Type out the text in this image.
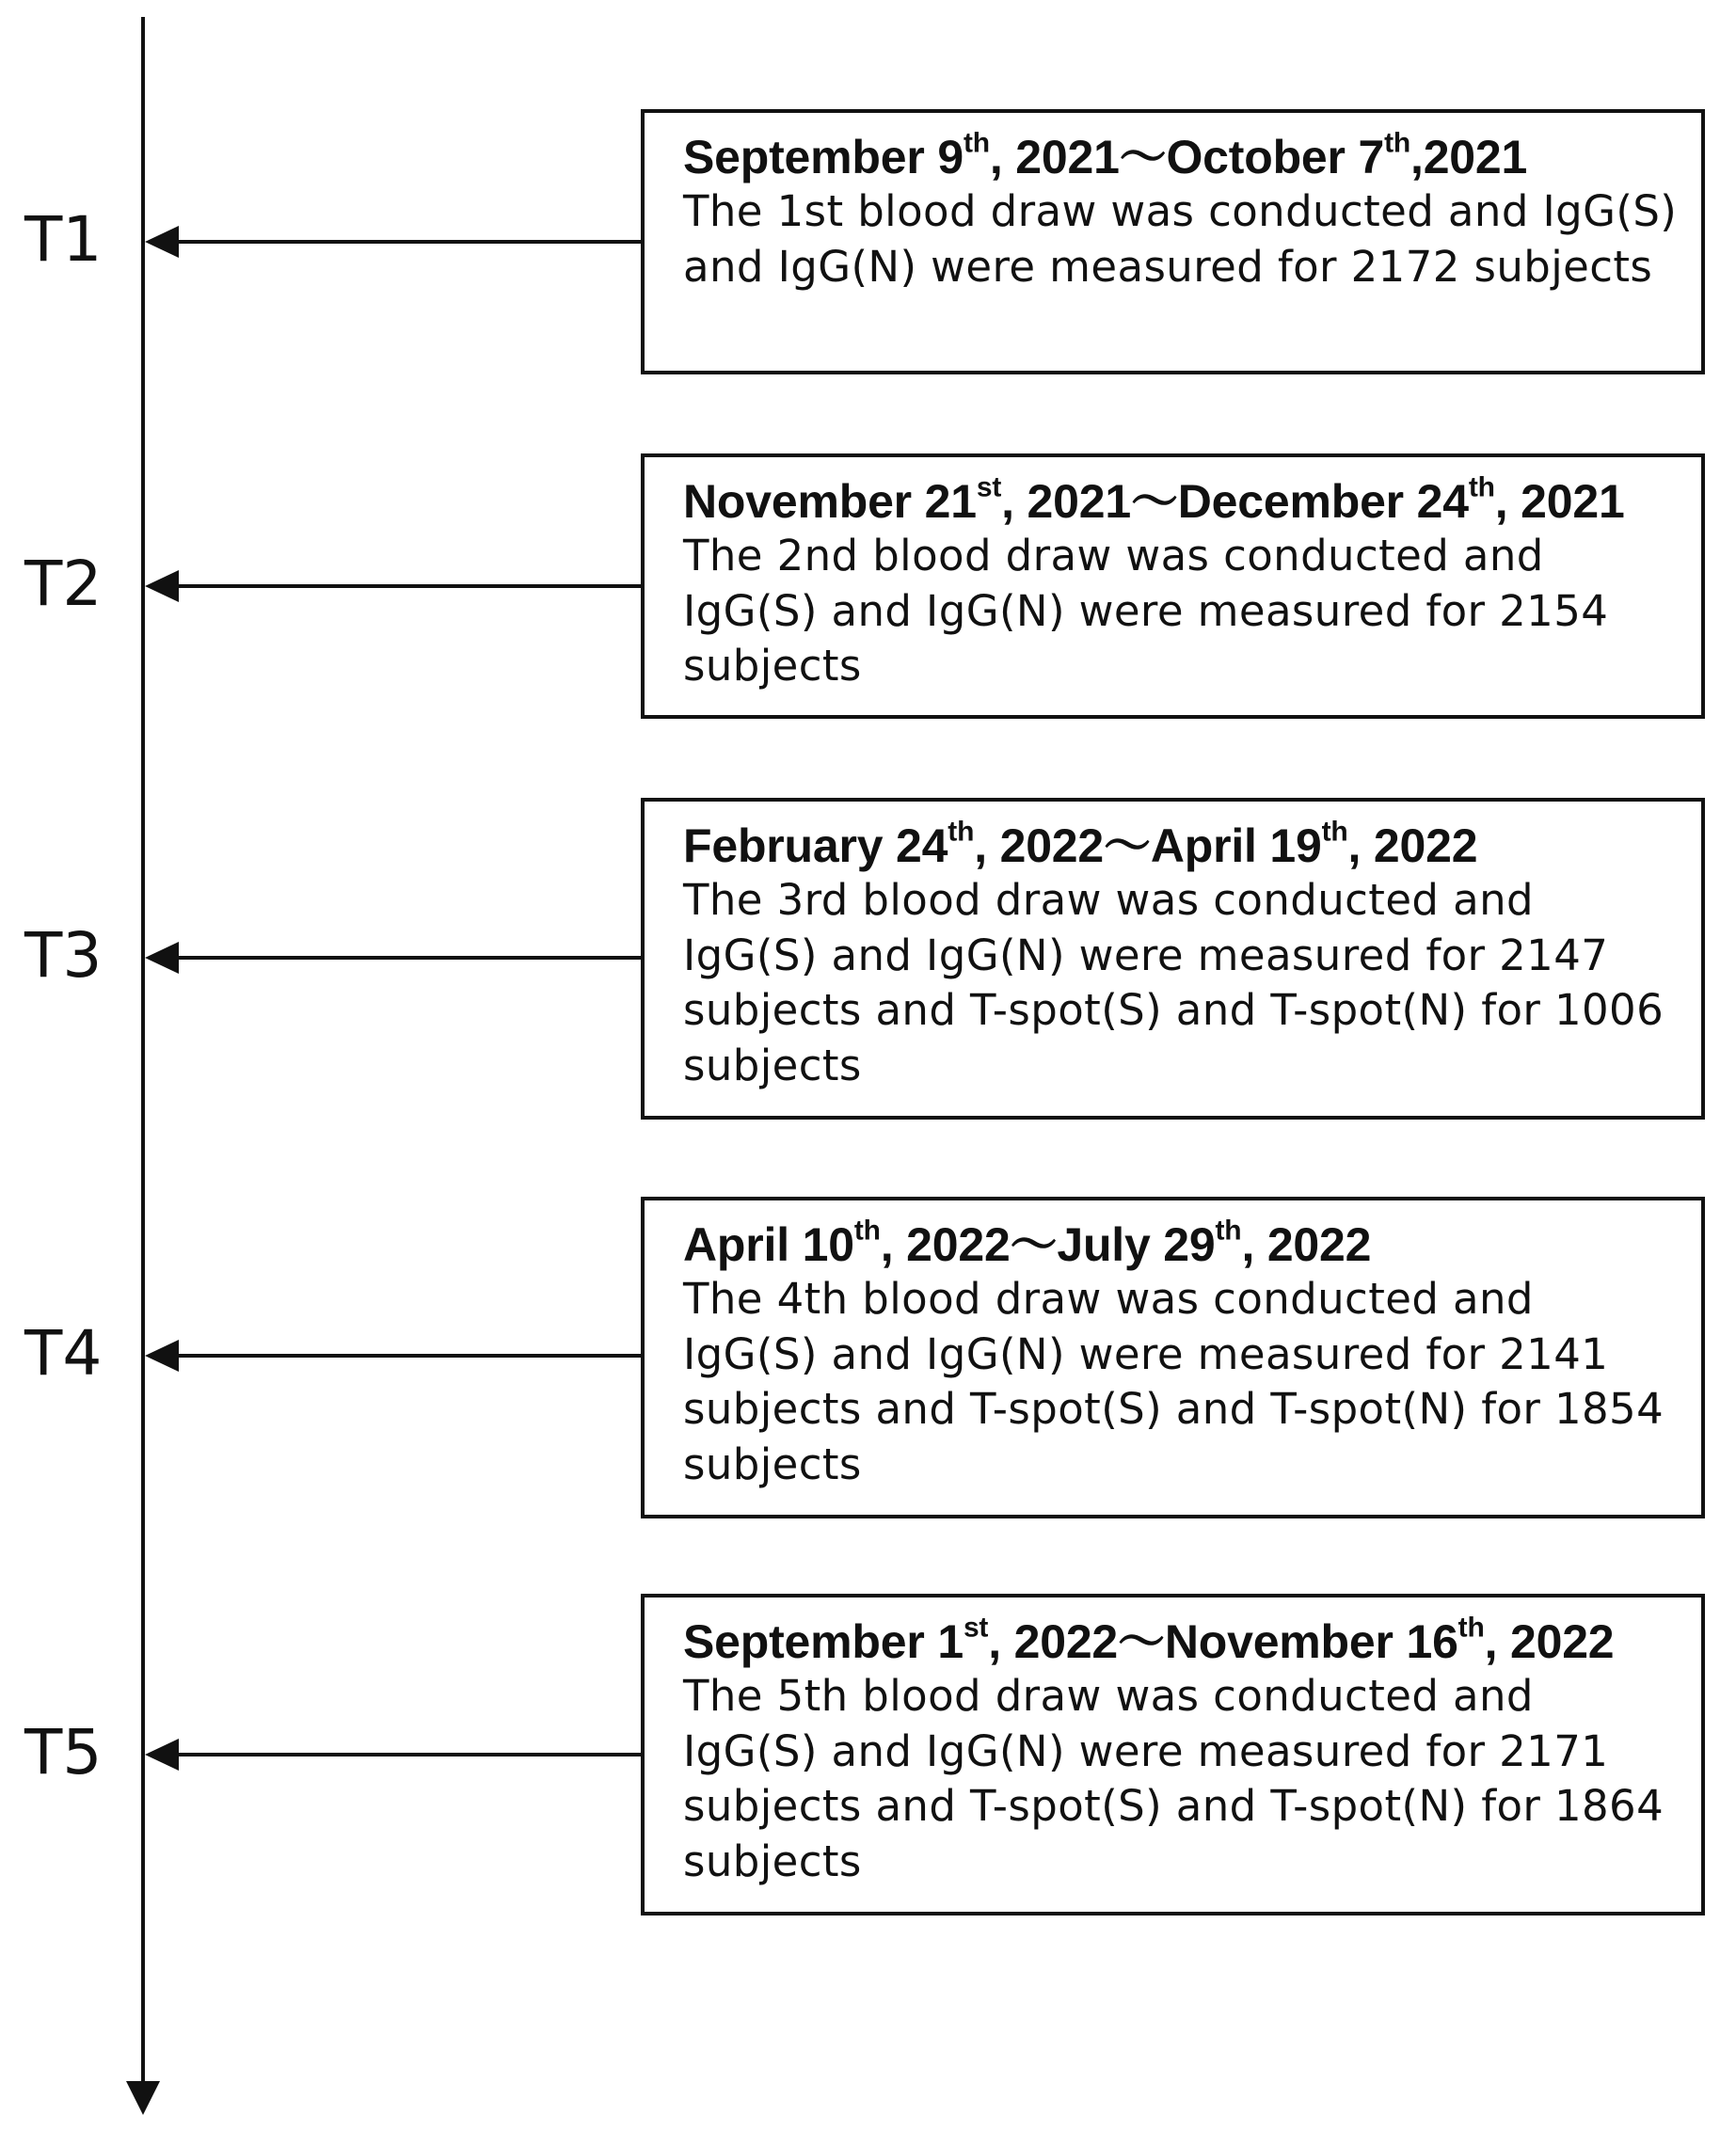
T1
T2
T3
T4
T5
September 9th, 2021〜October 7th,2021
The 1st blood draw was conducted and IgG(S) and IgG(N) were measured for 2172 subjects
November 21st, 2021〜December 24th, 2021
The 2nd blood draw was conducted and IgG(S) and IgG(N) were measured for 2154 subjects
February 24th, 2022〜April 19th, 2022
The 3rd blood draw was conducted and IgG(S) and IgG(N) were measured for 2147 subjects and T-spot(S) and T-spot(N) for 1006 subjects
April 10th, 2022〜July 29th, 2022
The 4th blood draw was conducted and IgG(S) and IgG(N) were measured for 2141 subjects and T-spot(S) and T-spot(N) for 1854 subjects
September 1st, 2022〜November 16th, 2022
The 5th blood draw was conducted and IgG(S) and IgG(N) were measured for 2171 subjects and T-spot(S) and T-spot(N) for 1864 subjects
